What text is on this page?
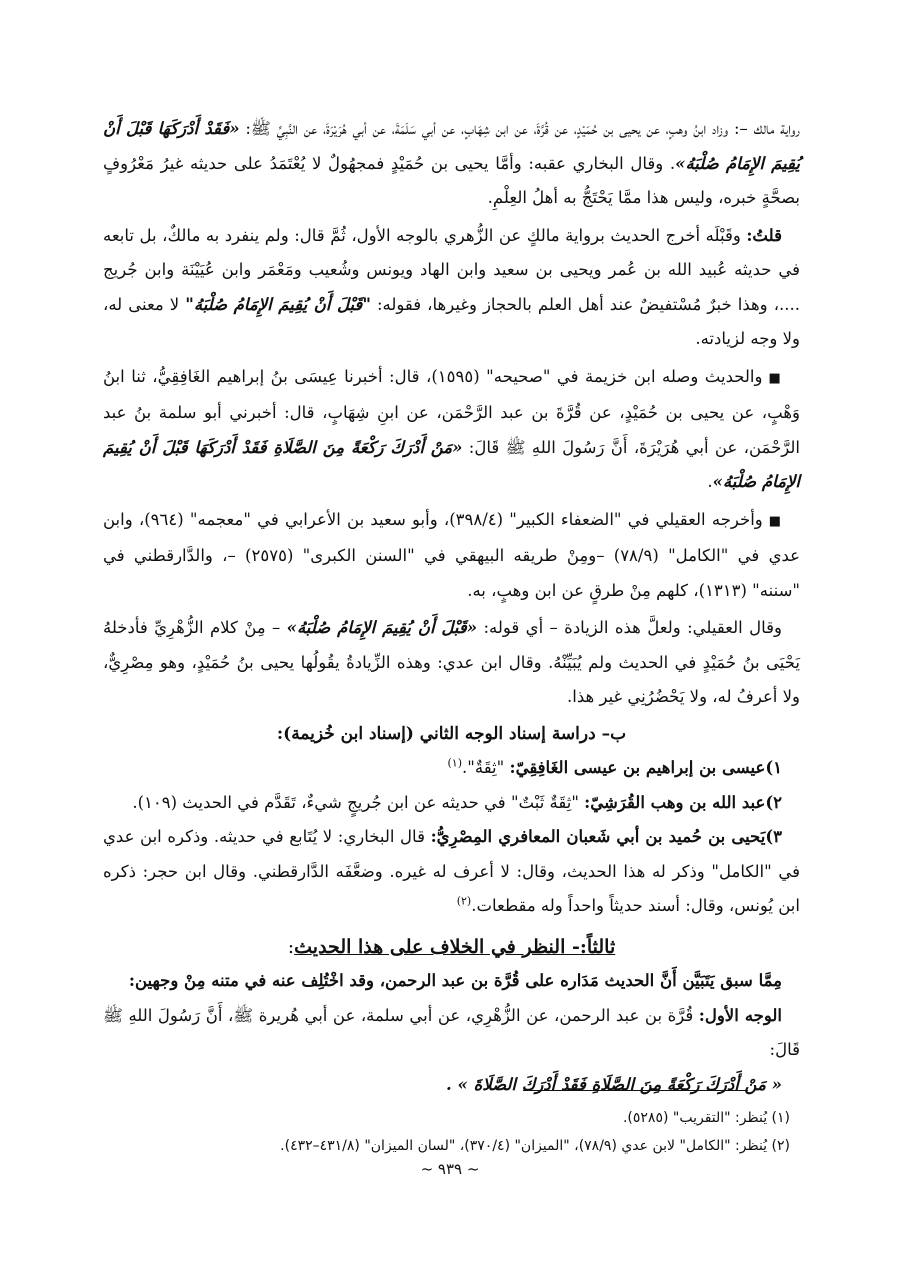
رواية مالك –: وزاد ابنُ وهبٍ، عن يحيى بن حُمَيْدٍ، عن قُرَّةَ، عن ابن شِهَابٍ، عن أبي سَلَمَةَ، عن أبي هُرَيْرَةَ، عن النَّبِيِّ ﷺ: «فَقَدْ أَدْرَكَهَا قَبْلَ أَنْ يُقِيمَ الإِمَامُ صُلْبَهُ». وقال البخاري عقبه: وأمَّا يحيى بن حُمَيْدٍ فمجهُولٌ لا يُعْتَمَدُ على حديثه غيرُ مَعْرُوفٍ بصحَّةٍ خبره، وليس هذا ممَّا يَحْتَجُّ به أهلُ العِلْمِ.

قلتُ: وقَبْلَه أخرج الحديث برواية مالكٍ عن الزُّهري بالوجه الأول، ثُمَّ قال: ولم ينفرد به مالكٌ، بل تابعه في حديثه عُبيد الله بن عُمر ويحيى بن سعيد وابن الهاد ويونس وشُعيب ومَعْمَر وابن عُيَيْنَة وابن جُريج ....، وهذا خبرٌ مُسْتفيضٌ عند أهل العلم بالحجاز وغيرها، فقوله: "قَبْلَ أَنْ يُقِيمَ الإِمَامُ صُلْبَهُ" لا معنى له، ولا وجه لزيادته.

■والحديث وصله ابن خزيمة في "صحيحه" (١٥٩٥)، قال: أخبرنا عِيسَى بنُ إبراهيم الغَافِقِيُّ، ثنا ابنُ وَهْبٍ، عن يحيى بن حُمَيْدٍ، عن قُرَّةَ بن عبد الرَّحْمَن، عن ابنِ شِهَابٍ، قال: أخبرني أبو سلمة بنُ عبد الرَّحْمَن، عن أبي هُرَيْرَةَ، أَنَّ رَسُولَ اللهِ ﷺ قَالَ: «مَنْ أَدْرَكَ رَكْعَةً مِنَ الصَّلَاةِ فَقَدْ أَدْرَكَهَا قَبْلَ أَنْ يُقِيمَ الإِمَامُ صُلْبَهُ».

■وأخرجه العقيلي في "الضعفاء الكبير" (٣٩٨/٤)، وأبو سعيد بن الأعرابي في "معجمه" (٩٦٤)، وابن عدي في "الكامل" (٧٨/٩) –ومِنْ طريقه البيهقي في "السنن الكبرى" (٢٥٧٥) –، والدَّارقطني في "سننه" (١٣١٣)، كلهم مِنْ طرقٍ عن ابن وهبٍ، به.

وقال العقيلي: ولعلَّ هذه الزيادة – أي قوله: «قَبْلَ أَنْ يُقِيمَ الإِمَامُ صُلْبَهُ» – مِنْ كلام الزُّهْرِيِّ فأدخلهُ يَحْيَى بنُ حُمَيْدٍ في الحديث ولم يُبَيِّنْهُ. وقال ابن عدي: وهذه الزِّيادةُ يقُولُها يحيى بنُ حُمَيْدٍ، وهو مِصْرِيٌّ، ولا أعرفُ له، ولا يَحْضُرُنِي غير هذا.

ب– دراسة إسناد الوجه الثاني (إسناد ابن خُزيمة):

١)عيسى بن إبراهيم بن عيسى الغَافِقِيّ: "ثِقَةٌ".$^{(١)}$

٢)عبد الله بن وهب القُرَشِيّ: "ثِقَةٌ ثَبْتٌ" في حديثه عن ابن جُريجٍ شيءٌ، تَقَدَّم في الحديث (١٠٩).

٣)يَحيى بن حُميد بن أبي شَعبان المعافري المِصْرِيُّ: قال البخاري: لا يُتَابع في حديثه. وذكره ابن عدي في "الكامل" وذكر له هذا الحديث، وقال: لا أعرف له غيره. وضعَّفَه الدَّارقطني. وقال ابن حجر: ذكره ابن يُونس، وقال: أسند حديثاً واحداً وله مقطعات.$^{(٢)}$

ثالثاً:- النظر في الخلاف على هذا الحديث:

مِمَّا سبق يَتَبَيَّن أَنَّ الحديث مَدَاره على قُرَّة بن عبد الرحمن، وقد اخْتُلِف عنه في متنه مِنْ وجهين:

الوجه الأول: قُرَّة بن عبد الرحمن، عن الزُّهْرِي، عن أبي سلمة، عن أبي هُريرة ﷺ، أَنَّ رَسُولَ اللهِ ﷺ قَالَ:

« مَنْ أَدْرَكَ رَكْعَةً مِنَ الصَّلَاةِ فَقَدْ أَدْرَكَ الصَّلَاةَ » .

(١) يُنظر: "التقريب" (٥٢٨٥).

(٢) يُنظر: "الكامل" لابن عدي (٧٨/٩)، "الميزان" (٣٧٠/٤)، "لسان الميزان" (٤٣١/٨–٤٣٢).

~ ٩٣٩ ~
